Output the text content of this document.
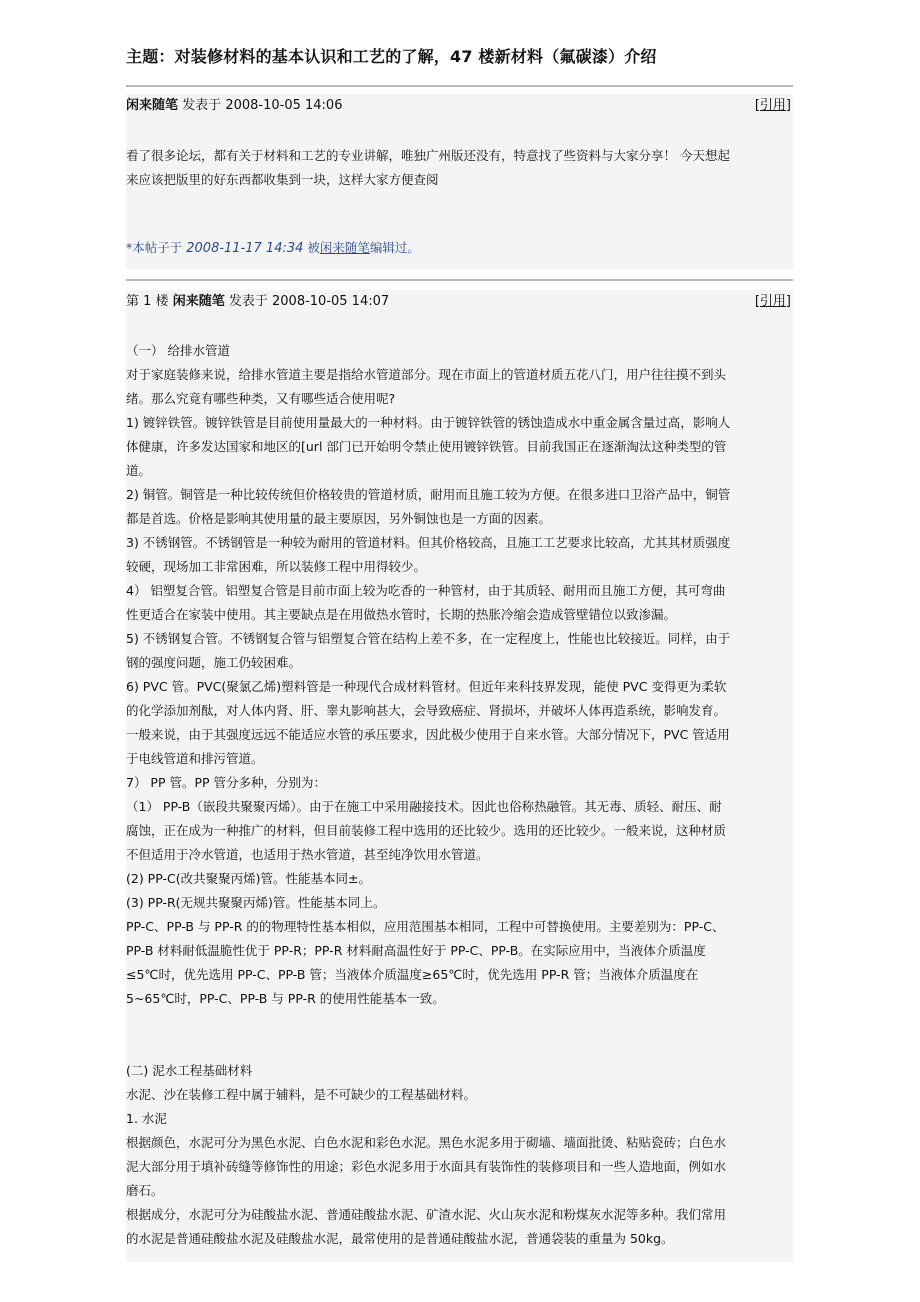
主题：对装修材料的基本认识和工艺的了解，47 楼新材料（氟碳漆）介绍
闲来随笔 发表于 2008-10-05 14:06	[引用]

看了很多论坛，都有关于材料和工艺的专业讲解，唯独广州版还没有，特意找了些资料与大家分享！ 今天想起

来应该把版里的好东西都收集到一块，这样大家方便查阅

*本帖子于 2008-11-17 14:34 被闲来随笔编辑过。
第 1 楼 闲来随笔 发表于 2008-10-05 14:07	[引用]

（一） 给排水管道

对于家庭装修来说，给排水管道主要是指给水管道部分。现在市面上的管道材质五花八门，用户往往摸不到头

绪。那么究竟有哪些种类，又有哪些适合使用呢?

1) 镀锌铁管。镀锌铁管是目前使用量最大的一种材料。由于镀锌铁管的锈蚀造成水中重金属含量过高，影响人

体健康，许多发达国家和地区的[url 部门已开始明令禁止使用镀锌铁管。目前我国正在逐渐淘汰这种类型的管

道。

2) 铜管。铜管是一种比较传统但价格较贵的管道材质，耐用而且施工较为方便。在很多进口卫浴产品中，铜管

都是首选。价格是影响其使用量的最主要原因，另外铜蚀也是一方面的因素。

3) 不锈钢管。不锈钢管是一种较为耐用的管道材料。但其价格较高，且施工工艺要求比较高，尤其其材质强度

较硬，现场加工非常困难，所以装修工程中用得较少。

4） 铝塑复合管。铝塑复合管是目前市面上较为吃香的一种管材，由于其质轻、耐用而且施工方便，其可弯曲

性更适合在家装中使用。其主要缺点是在用做热水管时，长期的热胀冷缩会造成管壁错位以致渗漏。

5) 不锈钢复合管。不锈钢复合管与铝塑复合管在结构上差不多，在一定程度上，性能也比较接近。同样，由于

钢的强度问题，施工仍较困难。

6) PVC 管。PVC(聚氯乙烯)塑料管是一种现代合成材料管材。但近年来科技界发现，能使 PVC 变得更为柔软

的化学添加剂酞，对人体内肾、肝、睾丸影响甚大，会导致癌症、肾损坏，并破坏人体再造系统，影响发育。

一般来说，由于其强度远远不能适应水管的承压要求，因此极少使用于自来水管。大部分情况下，PVC 管适用

于电线管道和排污管道。

7） PP 管。PP 管分多种，分别为：

（1） PP-B（嵌段共聚聚丙烯）。由于在施工中采用融接技术。因此也俗称热融管。其无毒、质轻、耐压、耐

腐蚀，正在成为一种推广的材料，但目前装修工程中选用的还比较少。选用的还比较少。一般来说，这种材质

不但适用于冷水管道，也适用于热水管道，甚至纯净饮用水管道。

(2) PP-C(改共聚聚丙烯)管。性能基本同±。

(3) PP-R(无规共聚聚丙烯)管。性能基本同上。

PP-C、PP-B 与 PP-R 的的物理特性基本相似，应用范围基本相同，工程中可替换使用。主要差别为：PP-C、

PP-B 材料耐低温脆性优于 PP-R；PP-R 材料耐高温性好于 PP-C、PP-B。在实际应用中，当液体介质温度

≤5℃时，优先选用 PP-C、PP-B 管；当液体介质温度≥65℃时，优先选用 PP-R 管；当液体介质温度在

5~65℃时，PP-C、PP-B 与 PP-R 的使用性能基本一致。

(二) 泥水工程基础材料

水泥、沙在装修工程中属于辅料，是不可缺少的工程基础材料。

1. 水泥

根据颜色，水泥可分为黑色水泥、白色水泥和彩色水泥。黑色水泥多用于砌墙、墙面批烫、粘贴瓷砖；白色水

泥大部分用于填补砖缝等修饰性的用途；彩色水泥多用于水面具有装饰性的装修项目和一些人造地面，例如水

磨石。

根据成分，水泥可分为硅酸盐水泥、普通硅酸盐水泥、矿渣水泥、火山灰水泥和粉煤灰水泥等多种。我们常用

的水泥是普通硅酸盐水泥及硅酸盐水泥，最常使用的是普通硅酸盐水泥，普通袋装的重量为 50kg。
